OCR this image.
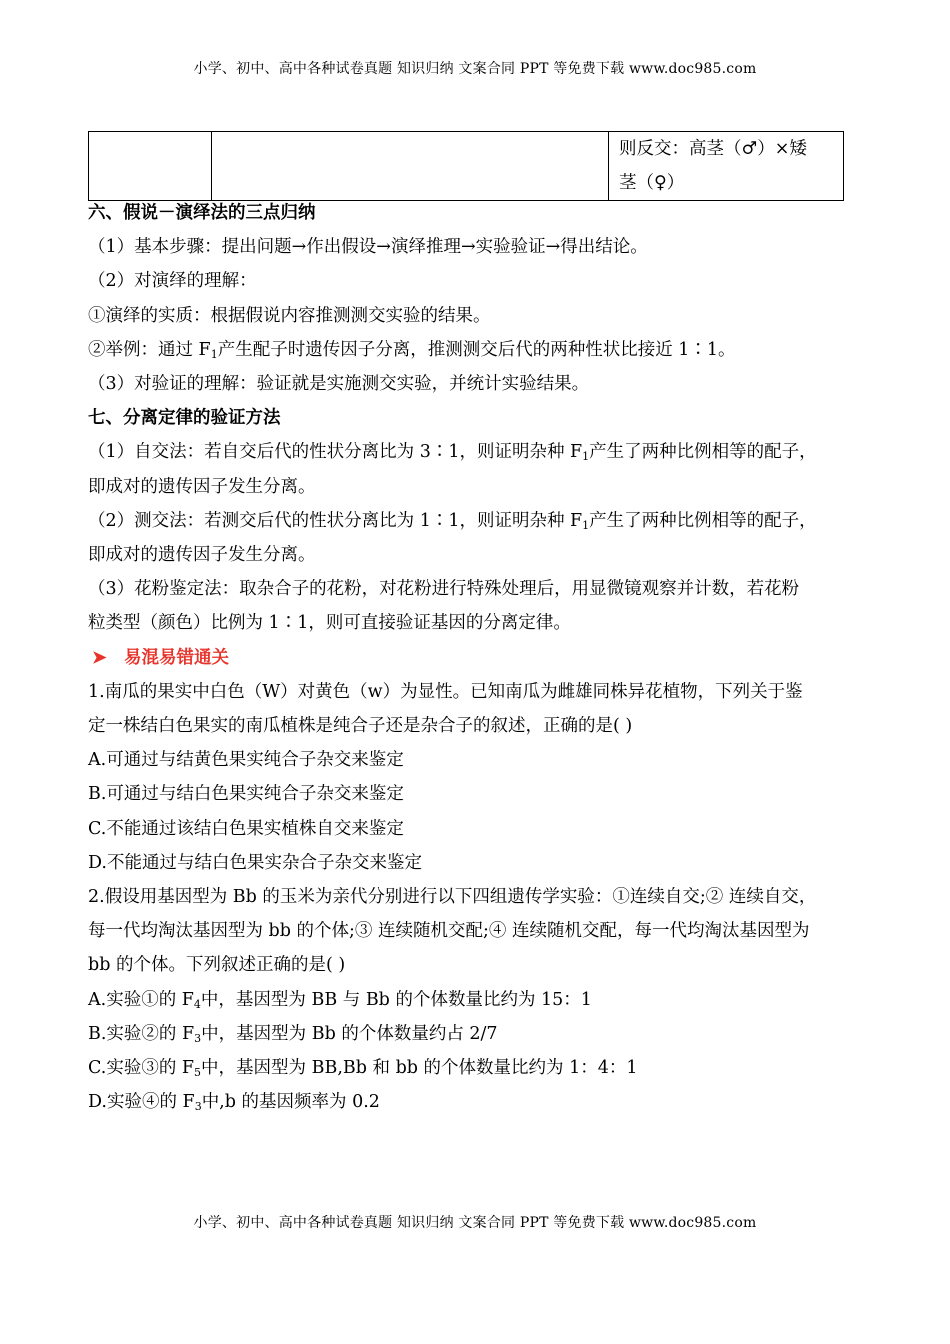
小学、初中、高中各种试卷真题 知识归纳 文案合同 PPT 等免费下载 www.doc985.com

则反交：高茎（♂）×矮
茎（♀）

六、假说－演绎法的三点归纳

（1）基本步骤：提出问题→作出假设→演绎推理→实验验证→得出结论。

（2）对演绎的理解：

①演绎的实质：根据假说内容推测测交实验的结果。

②举例：通过 $F_1$产生配子时遗传因子分离，推测测交后代的两种性状比接近 1∶1。

（3）对验证的理解：验证就是实施测交实验，并统计实验结果。

七、分离定律的验证方法

（1）自交法：若自交后代的性状分离比为 3∶1，则证明杂种 $F_1$产生了两种比例相等的配子，

即成对的遗传因子发生分离。

（2）测交法：若测交后代的性状分离比为 1∶1，则证明杂种 $F_1$产生了两种比例相等的配子，

即成对的遗传因子发生分离。

（3）花粉鉴定法：取杂合子的花粉，对花粉进行特殊处理后，用显微镜观察并计数，若花粉

粒类型（颜色）比例为 1∶1，则可直接验证基因的分离定律。

➤ 易混易错通关

1.南瓜的果实中白色（W）对黄色（w）为显性。已知南瓜为雌雄同株异花植物，下列关于鉴

定一株结白色果实的南瓜植株是纯合子还是杂合子的叙述，正确的是( )

A.可通过与结黄色果实纯合子杂交来鉴定

B.可通过与结白色果实纯合子杂交来鉴定

C.不能通过该结白色果实植株自交来鉴定

D.不能通过与结白色果实杂合子杂交来鉴定

2.假设用基因型为 Bb 的玉米为亲代分别进行以下四组遗传学实验：①连续自交;② 连续自交，

每一代均淘汰基因型为 bb 的个体;③ 连续随机交配;④ 连续随机交配，每一代均淘汰基因型为

bb 的个体。下列叙述正确的是( )

A.实验①的 $F_4$中，基因型为 BB 与 Bb 的个体数量比约为 15：1

B.实验②的 $F_3$中，基因型为 Bb 的个体数量约占 2/7

C.实验③的 $F_5$中，基因型为 BB,Bb 和 bb 的个体数量比约为 1：4：1

D.实验④的 $F_3$中,b 的基因频率为 0.2

小学、初中、高中各种试卷真题 知识归纳 文案合同 PPT 等免费下载 www.doc985.com
